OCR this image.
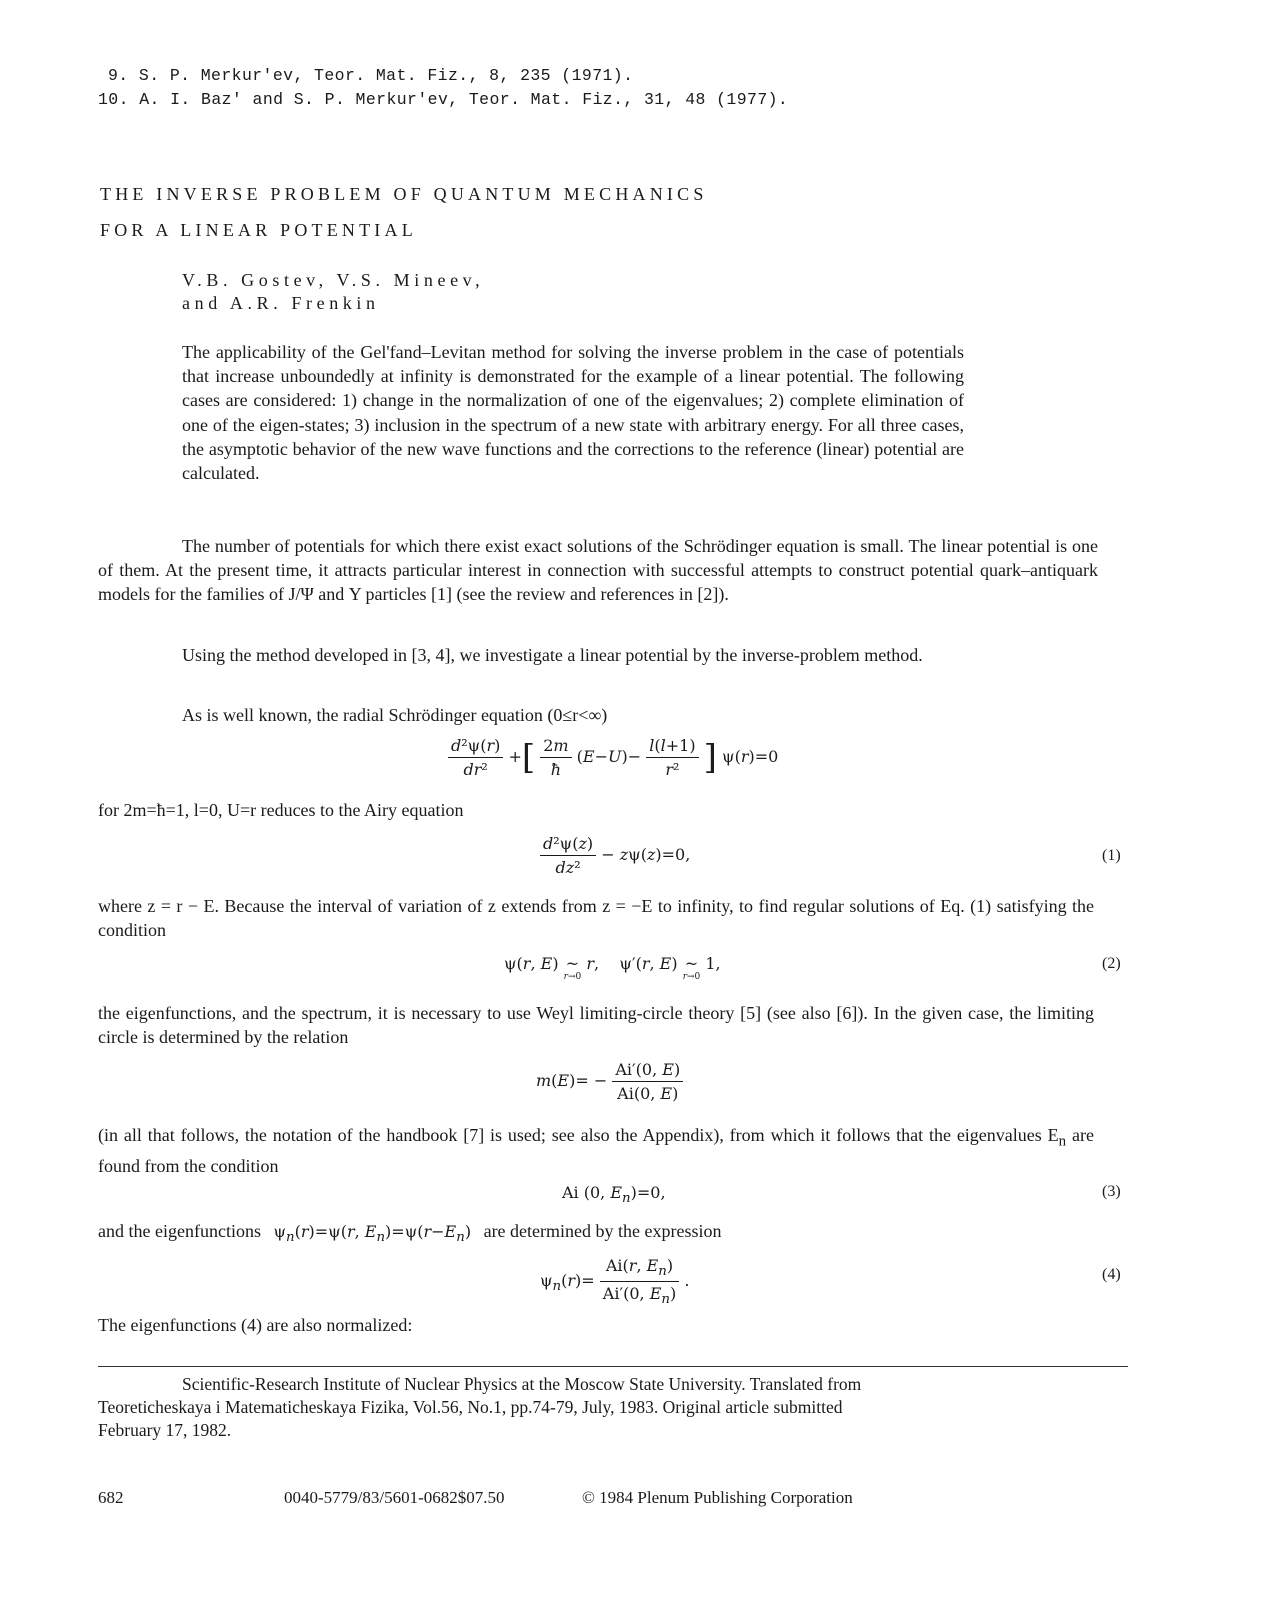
9. S. P. Merkur'ev, Teor. Mat. Fiz., 8, 235 (1971).
10. A. I. Baz' and S. P. Merkur'ev, Teor. Mat. Fiz., 31, 48 (1977).
THE INVERSE PROBLEM OF QUANTUM MECHANICS
FOR A LINEAR POTENTIAL
V.B. Gostev, V.S. Mineev,
and A.R. Frenkin

The applicability of the Gel'fand–Levitan method for solving the inverse problem in the case of potentials that increase unboundedly at infinity is demonstrated for the example of a linear potential. The following cases are considered: 1) change in the normalization of one of the eigenvalues; 2) complete elimination of one of the eigen-states; 3) inclusion in the spectrum of a new state with arbitrary energy. For all three cases, the asymptotic behavior of the new wave functions and the corrections to the reference (linear) potential are calculated.

The number of potentials for which there exist exact solutions of the Schrödinger equation is small. The linear potential is one of them. At the present time, it attracts particular interest in connection with successful attempts to construct potential quark–antiquark models for the families of J/Ψ and Υ particles [1] (see the review and references in [2]).

Using the method developed in [3, 4], we investigate a linear potential by the inverse-problem method.

As is well known, the radial Schrödinger equation (0≤r<∞)
$\frac{\text{d²ψ(r)}}{\text{dr²}}$ +[ $\frac{2m}{ħ} (E-U)- \frac{l(l+1)}{\text{r²}}$ ] ψ(r)=0
for 2m=ħ=1, l=0, U=r reduces to the Airy equation
$\frac{\text{d²ψ(z)}}{\text{dz²}} - z\psi(z)=0$,	(1)

where z = r − E. Because the interval of variation of z extends from z = −E to infinity, to find regular solutions of Eq. (1) satisfying the condition

ψ(r, E) ~
r→0
r,    ψ′(r, E) ~
r→0
1,	(2)

the eigenfunctions, and the spectrum, it is necessary to use Weyl limiting-circle theory [5] (see also [6]). In the given case, the limiting circle is determined by the relation

$m(E)= - \frac{Ai'(0, E)}{Ai(0, E)}$

(in all that follows, the notation of the handbook [7] is used; see also the Appendix), from which it follows that the eigenvalues $E_n$ are found from the condition

Ai (0, $E_n)=0$,	(3)
and the eigenfunctions $\psi_n(r)=\psi(r$, $E_n)=\psi(r-E_n)$ are determined by the expression
$\psi_n(r)= \frac{Ai(r, E_n)}{Ai'(0, E_n)}$ .	(4)
The eigenfunctions (4) are also normalized:
Scientific-Research Institute of Nuclear Physics at the Moscow State University. Translated from
Teoreticheskaya i Matematicheskaya Fizika, Vol.56, No.1, pp.74-79, July, 1983. Original article submitted
February 17, 1982.
682	0040-5779/83/5601-0682$07.50	© 1984 Plenum Publishing Corporation
